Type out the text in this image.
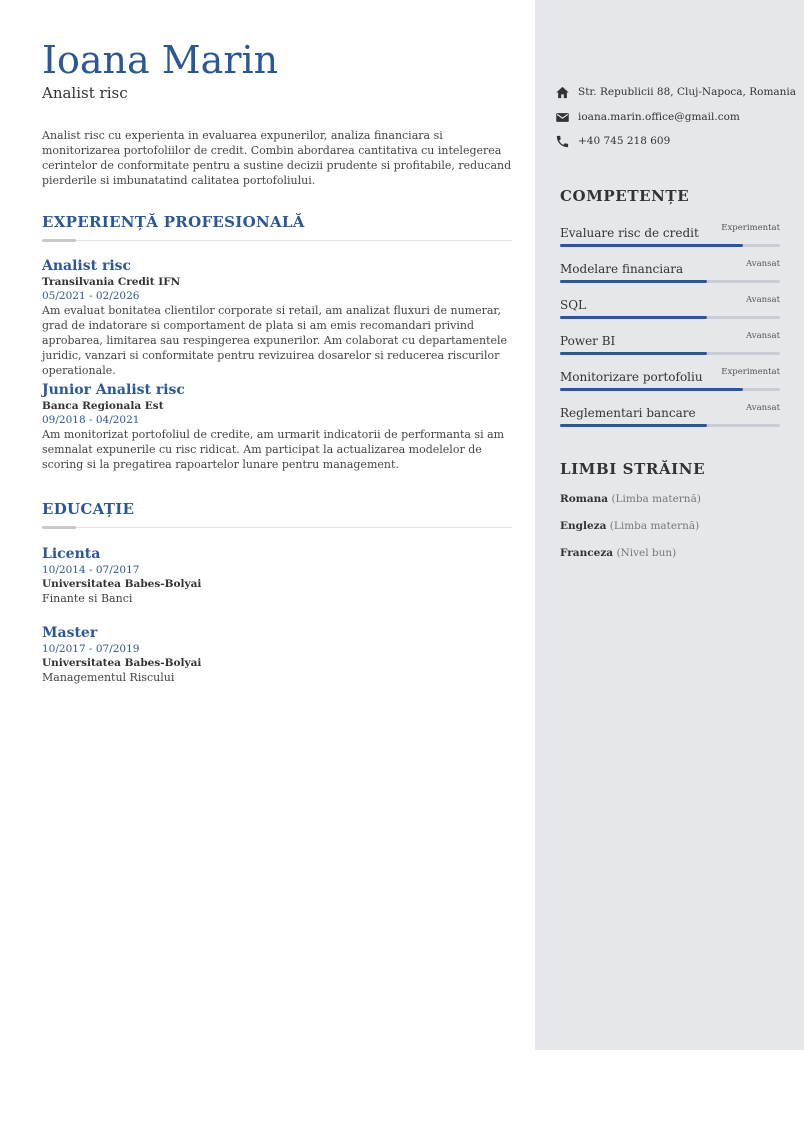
Str. Republicii 88, Cluj-Napoca, Romania
ioana.marin.office@gmail.com
+40 745 218 609
COMPETENȚE
Evaluare risc de credit	Experimentat
Modelare financiara	Avansat
SQL	Avansat
Power BI	Avansat
Monitorizare portofoliu Experimentat
Reglementari bancare	Avansat
LIMBI STRĂINE
Romana (Limba maternă)
Engleza (Limba maternă)
Franceza (Nivel bun)
Ioana Marin
Analist risc

Analist risc cu experienta in evaluarea expunerilor, analiza financiara si monitorizarea portofoliilor de credit. Combin abordarea cantitativa cu intelegerea cerintelor de conformitate pentru a sustine decizii prudente si profitabile, reducand pierderile si imbunatatind calitatea portofoliului.

EXPERIENȚĂ PROFESIONALĂ
Analist risc
Transilvania Credit IFN
05/2021 - 02/2026

Am evaluat bonitatea clientilor corporate si retail, am analizat fluxuri de numerar, grad de indatorare si comportament de plata si am emis recomandari privind aprobarea, limitarea sau respingerea expunerilor. Am colaborat cu departamentele juridic, vanzari si conformitate pentru revizuirea dosarelor si reducerea riscurilor operationale.

Junior Analist risc
Banca Regionala Est
09/2018 - 04/2021

Am monitorizat portofoliul de credite, am urmarit indicatorii de performanta si am semnalat expunerile cu risc ridicat. Am participat la actualizarea modelelor de scoring si la pregatirea rapoartelor lunare pentru management.

EDUCAȚIE
Licenta
10/2014 - 07/2017
Universitatea Babes-Bolyai
Finante si Banci
Master
10/2017 - 07/2019
Universitatea Babes-Bolyai
Managementul Riscului
